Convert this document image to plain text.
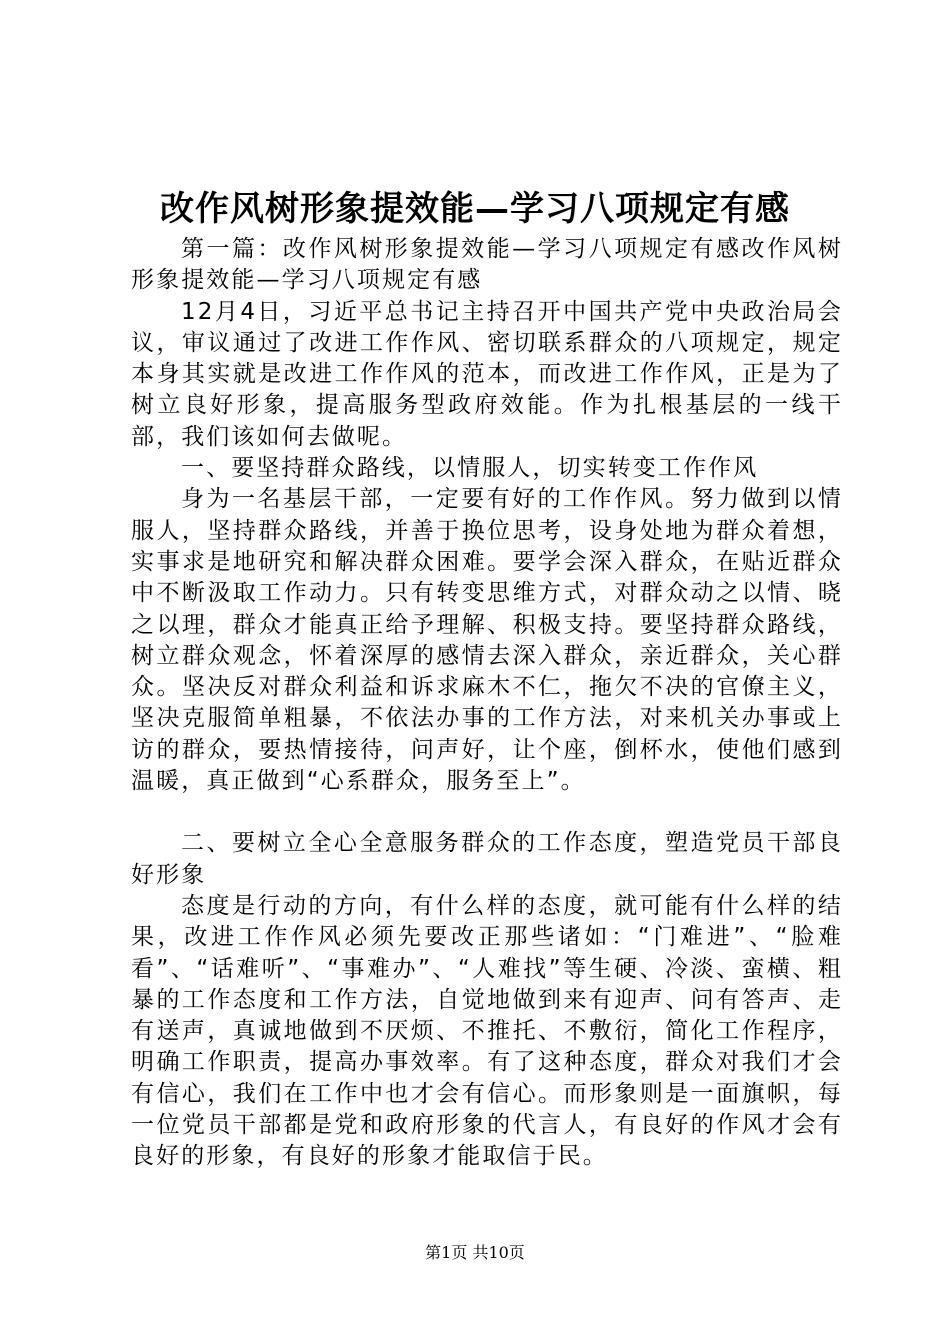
改作风树形象提效能—学习八项规定有感

第一篇：改作风树形象提效能—学习八项规定有感改作风树形象提效能—学习八项规定有感

12月4日，习近平总书记主持召开中国共产党中央政治局会议，审议通过了改进工作作风、密切联系群众的八项规定，规定本身其实就是改进工作作风的范本，而改进工作作风，正是为了树立良好形象，提高服务型政府效能。作为扎根基层的一线干部，我们该如何去做呢。

一、要坚持群众路线，以情服人，切实转变工作作风

身为一名基层干部，一定要有好的工作作风。努力做到以情服人，坚持群众路线，并善于换位思考，设身处地为群众着想，实事求是地研究和解决群众困难。要学会深入群众，在贴近群众中不断汲取工作动力。只有转变思维方式，对群众动之以情、晓之以理，群众才能真正给予理解、积极支持。要坚持群众路线，树立群众观念，怀着深厚的感情去深入群众，亲近群众，关心群众。坚决反对群众利益和诉求麻木不仁，拖欠不决的官僚主义，坚决克服简单粗暴，不依法办事的工作方法，对来机关办事或上访的群众，要热情接待，问声好，让个座，倒杯水，使他们感到温暖，真正做到“心系群众，服务至上”。

二、要树立全心全意服务群众的工作态度，塑造党员干部良好形象

态度是行动的方向，有什么样的态度，就可能有什么样的结果，改进工作作风必须先要改正那些诸如：“门难进”、“脸难看”、“话难听”、“事难办”、“人难找”等生硬、冷淡、蛮横、粗暴的工作态度和工作方法，自觉地做到来有迎声、问有答声、走有送声，真诚地做到不厌烦、不推托、不敷衍，简化工作程序，明确工作职责，提高办事效率。有了这种态度，群众对我们才会有信心，我们在工作中也才会有信心。而形象则是一面旗帜，每一位党员干部都是党和政府形象的代言人，有良好的作风才会有良好的形象，有良好的形象才能取信于民。

第1页 共10页
